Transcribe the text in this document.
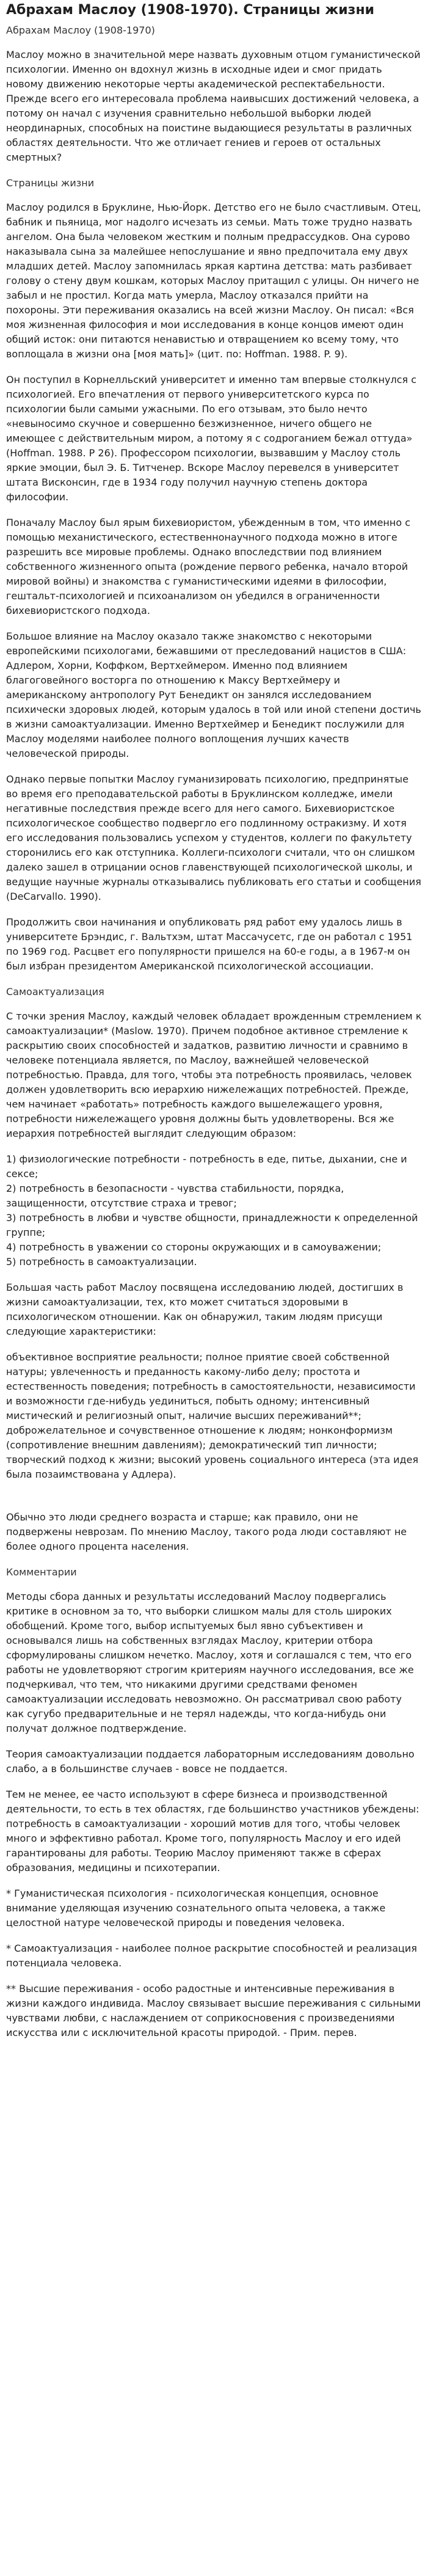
Абрахам Маслоу (1908-1970). Страницы жизни
Абрахам Маслоу (1908-1970)

Маслоу можно в значительной мере назвать духовным отцом гуманистической психологии. Именно он вдохнул жизнь в исходные идеи и смог придать новому движению некоторые черты академической респектабельности. Прежде всего его интересовала проблема наивысших достижений человека, а потому он начал с изучения сравнительно небольшой выборки людей неординарных, способных на поистине выдающиеся результаты в различных областях деятельности. Что же отличает гениев и героев от остальных смертных?

Страницы жизни

Маслоу родился в Бруклине, Нью-Йорк. Детство его не было счастливым. Отец, бабник и пьяница, мог надолго исчезать из семьи. Мать тоже трудно назвать ангелом. Она была человеком жестким и полным предрассудков. Она сурово наказывала сына за малейшее непослушание и явно предпочитала ему двух младших детей. Маслоу запомнилась яркая картина детства: мать разбивает голову о стену двум кошкам, которых Маслоу притащил с улицы. Он ничего не забыл и не простил. Когда мать умерла, Маслоу отказался прийти на похороны. Эти переживания оказались на всей жизни Маслоу. Он писал: «Вся моя жизненная философия и мои исследования в конце концов имеют один общий исток: они питаются ненавистью и отвращением ко всему тому, что воплощала в жизни она [моя мать]» (цит. по: Hoffman. 1988. P. 9).

Он поступил в Корнелльский университет и именно там впервые столкнулся с психологией. Его впечатления от первого университетского курса по психологии были самыми ужасными. По его отзывам, это было нечто «невыносимо скучное и совершенно безжизненное, ничего общего не имеющее с действительным миром, а потому я с содроганием бежал оттуда» (Hoffman. 1988. P 26). Профессором психологии, вызвавшим у Маслоу столь яркие эмоции, был Э. Б. Титченер. Вскоре Маслоу перевелся в университет штата Висконсин, где в 1934 году получил научную степень доктора философии.

Поначалу Маслоу был ярым бихевиористом, убежденным в том, что именно с помощью механистического, естественнонаучного подхода можно в итоге разрешить все мировые проблемы. Однако впоследствии под влиянием собственного жизненного опыта (рождение первого ребенка, начало второй мировой войны) и знакомства с гуманистическими идеями в философии, гештальт-психологией и психоанализом он убедился в ограниченности бихевиористского подхода.

Большое влияние на Маслоу оказало также знакомство с некоторыми европейскими психологами, бежавшими от преследований нацистов в США: Адлером, Хорни, Коффком, Вертхеймером. Именно под влиянием благоговейного восторга по отношению к Максу Вертхеймеру и американскому антропологу Рут Бенедикт он занялся исследованием психически здоровых людей, которым удалось в той или иной степени достичь в жизни самоактуализации. Именно Вертхеймер и Бенедикт послужили для Маслоу моделями наиболее полного воплощения лучших качеств человеческой природы.

Однако первые попытки Маслоу гуманизировать психологию, предпринятые во время его преподавательской работы в Бруклинском колледже, имели негативные последствия прежде всего для него самого. Бихевиористское психологическое сообщество подвергло его подлинному остракизму. И хотя его исследования пользовались успехом у студентов, коллеги по факультету сторонились его как отступника. Коллеги-психологи считали, что он слишком далеко зашел в отрицании основ главенствующей психологической школы, и ведущие научные журналы отказывались публиковать его статьи и сообщения (DeCarvallo. 1990).

Продолжить свои начинания и опубликовать ряд работ ему удалось лишь в университете Брэндис, г. Вальтхэм, штат Массачусетс, где он работал с 1951 по 1969 год. Расцвет его популярности пришелся на 60-е годы, а в 1967-м он был избран президентом Американской психологической ассоциации.

Самоактуализация

С точки зрения Маслоу, каждый человек обладает врожденным стремлением к самоактуализации* (Maslow. 1970). Причем подобное активное стремление к раскрытию своих способностей и задатков, развитию личности и сравнимо в человеке потенциала является, по Маслоу, важнейшей человеческой потребностью. Правда, для того, чтобы эта потребность проявилась, человек должен удовлетворить всю иерархию нижележащих потребностей. Прежде, чем начинает «работать» потребность каждого вышележащего уровня, потребности нижележащего уровня должны быть удовлетворены. Вся же иерархия потребностей выглядит следующим образом:

1) физиологические потребности - потребность в еде, питье, дыхании, сне и сексе;
2) потребность в безопасности - чувства стабильности, порядка, защищенности, отсутствие страха и тревог;
3) потребность в любви и чувстве общности, принадлежности к определенной группе;
4) потребность в уважении со стороны окружающих и в самоуважении;
5) потребность в самоактуализации.

Большая часть работ Маслоу посвящена исследованию людей, достигших в жизни самоактуализации, тех, кто может считаться здоровыми в психологическом отношении. Как он обнаружил, таким людям присущи следующие характеристики:

объективное восприятие реальности; полное приятие своей собственной натуры; увлеченность и преданность какому-либо делу; простота и естественность поведения; потребность в самостоятельности, независимости и возможности где-нибудь уединиться, побыть одному; интенсивный мистический и религиозный опыт, наличие высших переживаний**; доброжелательное и сочувственное отношение к людям; нонконформизм (сопротивление внешним давлениям); демократический тип личности; творческий подход к жизни; высокий уровень социального интереса (эта идея была позаимствована у Адлера).

Обычно это люди среднего возраста и старше; как правило, они не подвержены неврозам. По мнению Маслоу, такого рода люди составляют не более одного процента населения.

Комментарии

Методы сбора данных и результаты исследований Маслоу подвергались критике в основном за то, что выборки слишком малы для столь широких обобщений. Кроме того, выбор испытуемых был явно субъективен и основывался лишь на собственных взглядах Маслоу, критерии отбора сформулированы слишком нечетко. Маслоу, хотя и соглашался с тем, что его работы не удовлетворяют строгим критериям научного исследования, все же подчеркивал, что тем, что никакими другими средствами феномен самоактуализации исследовать невозможно. Он рассматривал свою работу как сугубо предварительные и не терял надежды, что когда-нибудь они получат должное подтверждение.

Теория самоактуализации поддается лабораторным исследованиям довольно слабо, а в большинстве случаев - вовсе не поддается.

Тем не менее, ее часто используют в сфере бизнеса и производственной деятельности, то есть в тех областях, где большинство участников убеждены: потребность в самоактуализации - хороший мотив для того, чтобы человек много и эффективно работал. Кроме того, популярность Маслоу и его идей гарантированы для работы. Теорию Маслоу применяют также в сферах образования, медицины и психотерапии.

* Гуманистическая психология - психологическая концепция, основное внимание уделяющая изучению сознательного опыта человека, а также целостной натуре человеческой природы и поведения человека.

* Самоактуализация - наиболее полное раскрытие способностей и реализация потенциала человека.

** Высшие переживания - особо радостные и интенсивные переживания в жизни каждого индивида. Маслоу связывает высшие переживания с сильными чувствами любви, с наслаждением от соприкосновения с произведениями искусства или с исключительной красоты природой. - Прим. перев.
